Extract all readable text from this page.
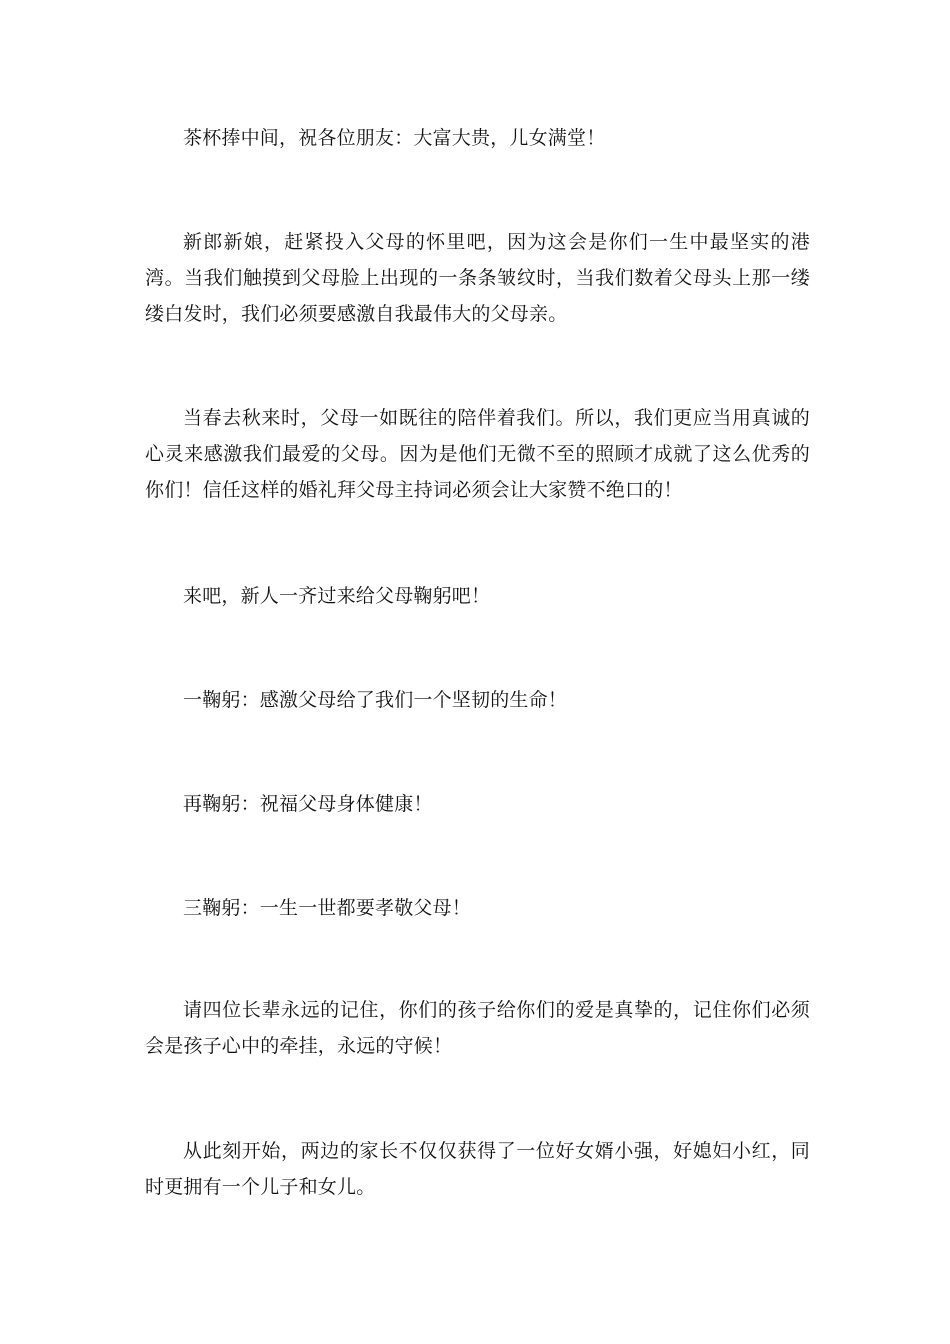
茶杯捧中间，祝各位朋友：大富大贵，儿女满堂！

新郎新娘，赶紧投入父母的怀里吧，因为这会是你们一生中最坚实的港湾。当我们触摸到父母脸上出现的一条条皱纹时，当我们数着父母头上那一缕缕白发时，我们必须要感激自我最伟大的父母亲。

当春去秋来时，父母一如既往的陪伴着我们。所以，我们更应当用真诚的心灵来感激我们最爱的父母。因为是他们无微不至的照顾才成就了这么优秀的你们！信任这样的婚礼拜父母主持词必须会让大家赞不绝口的！

来吧，新人一齐过来给父母鞠躬吧！

一鞠躬：感激父母给了我们一个坚韧的生命！

再鞠躬：祝福父母身体健康！

三鞠躬：一生一世都要孝敬父母！

请四位长辈永远的记住，你们的孩子给你们的爱是真挚的，记住你们必须会是孩子心中的牵挂，永远的守候！

从此刻开始，两边的家长不仅仅获得了一位好女婿小强，好媳妇小红，同时更拥有一个儿子和女儿。
